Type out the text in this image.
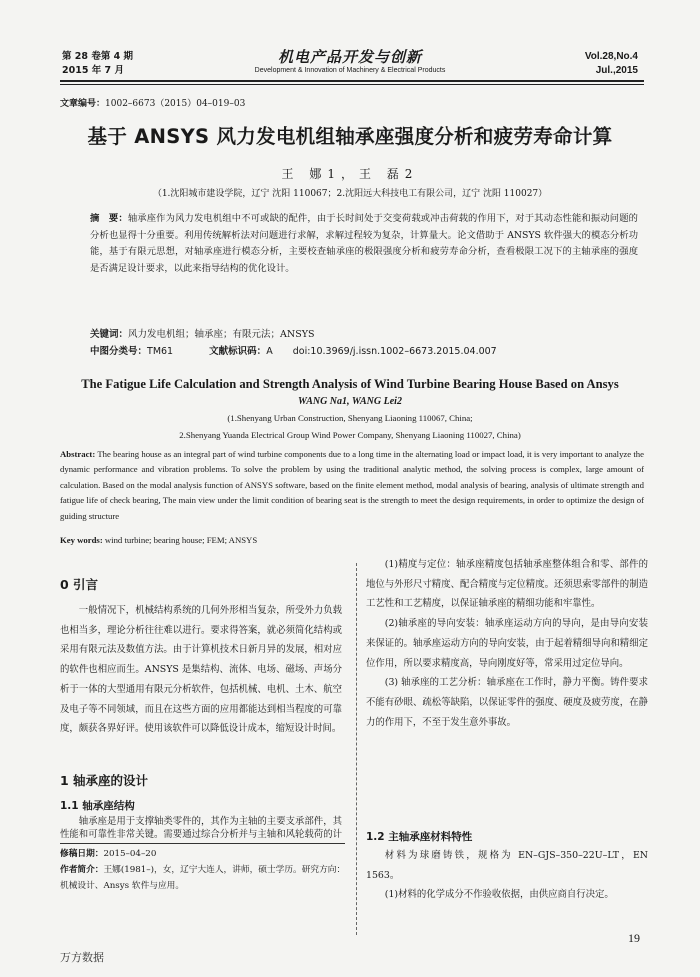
第 28 卷第 4 期
2015 年 7 月
机电产品开发与创新
Development & Innovation of Machinery & Electrical Products
Vol.28,No.4
Jul.,2015
文章编号：1002–6673（2015）04–019–03
基于 ANSYS 风力发电机组轴承座强度分析和疲劳寿命计算
王 娜1，王 磊2
（1.沈阳城市建设学院，辽宁 沈阳 110067；2.沈阳远大科技电工有限公司，辽宁 沈阳 110027）
摘　要：轴承座作为风力发电机组中不可或缺的配件，由于长时间处于交变荷载或冲击荷载的作用下，对于其动态性能和振动问题的分析也显得十分重要。利用传统解析法对问题进行求解，求解过程较为复杂，计算量大。论文借助于 ANSYS 软件强大的模态分析功能，基于有限元思想，对轴承座进行模态分析，主要校查轴承座的极限强度分析和疲劳寿命分析，查看极限工况下的主轴承座的强度是否满足设计要求，以此来指导结构的优化设计。
关键词：风力发电机组；轴承座；有限元法；ANSYS
中图分类号：TM61	文献标识码：A doi:10.3969/j.issn.1002–6673.2015.04.007
The Fatigue Life Calculation and Strength Analysis of Wind Turbine Bearing House Based on Ansys
WANG Na1, WANG Lei2
(1.Shenyang Urban Construction, Shenyang Liaoning 110067, China;
2.Shenyang Yuanda Electrical Group Wind Power Company, Shenyang Liaoning 110027, China)
Abstract: The bearing house as an integral part of wind turbine components due to a long time in the alternating load or impact load, it is very important to analyze the dynamic performance and vibration problems. To solve the problem by using the traditional analytic method, the solving process is complex, large amount of calculation. Based on the modal analysis function of ANSYS software, based on the finite element method, modal analysis of bearing, analysis of ultimate strength and fatigue life of check bearing, The main view under the limit condition of bearing seat is the strength to meet the design requirements, in order to optimize the design of guiding structure
Key words: wind turbine; bearing house; FEM; ANSYS
0 引言

一般情况下，机械结构系统的几何外形相当复杂，所受外力负载也相当多，理论分析往往难以进行。要求得答案，就必须简化结构或采用有限元法及数值方法。由于计算机技术日新月异的发展，相对应的软件也相应而生。ANSYS 是集结构、流体、电场、磁场、声场分析于一体的大型通用有限元分析软件，包括机械、电机、土木、航空及电子等不同领域，而且在这些方面的应用都能达到相当程度的可靠度，颇获各界好评。使用该软件可以降低设计成本，缩短设计时间。

1 轴承座的设计
1.1 轴承座结构

轴承座是用于支撑轴类零件的，其作为主轴的主要支承部件，其性能和可靠性非常关键。需要通过综合分析并与主轴和风轮载荷的计

修稿日期：2015–04–20
作者简介：王娜(1981–)，女，辽宁大连人，讲师，硕士学历。研究方向：机械设计、Ansys 软件与应用。

(1)精度与定位：轴承座精度包括轴承座整体组合和零、部件的地位与外形尺寸精度、配合精度与定位精度。还须思索零部件的制造工艺性和工艺精度，以保证轴承座的精细功能和牢靠性。

(2)轴承座的导向安装：轴承座运动方向的导向，是由导向安装来保证的。轴承座运动方向的导向安装，由于起着精细导向和精细定位作用，所以要求精度高，导向刚度好等，常采用过定位导向。

(3) 轴承座的工艺分析：轴承座在工作时，静力平衡。铸件要求不能有砂眼、疏松等缺陷，以保证零件的强度、硬度及疲劳度，在静力的作用下，不至于发生意外事故。

1.2 主轴承座材料特性

材料为球磨铸铁，规格为 EN–GJS–350–22U–LT，EN 1563。

(1)材料的化学成分不作验收依据，由供应商自行决定。

19
万方数据
